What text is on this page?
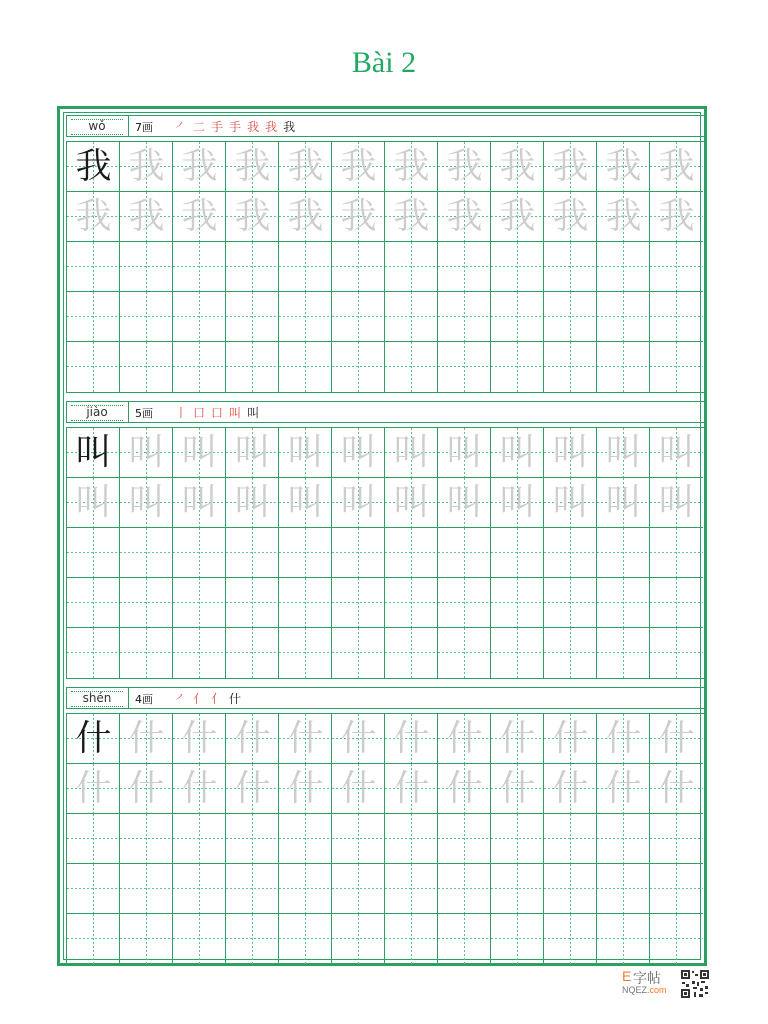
Bài 2
wǒ	7画 ㇒ 二 手 手 我 我 我
我 我 我 我 我 我 我 我 我 我 我 我
我 我 我 我 我 我 我 我 我 我 我 我
jiào	5画 丨 口 口 叫 叫
叫 叫 叫 叫 叫 叫 叫 叫 叫 叫 叫 叫
叫 叫 叫 叫 叫 叫 叫 叫 叫 叫 叫 叫
shén	4画 ㇒ 亻 亻 什
什 什 什 什 什 什 什 什 什 什 什 什
什 什 什 什 什 什 什 什 什 什 什 什
E 字帖
NQEZ.com
